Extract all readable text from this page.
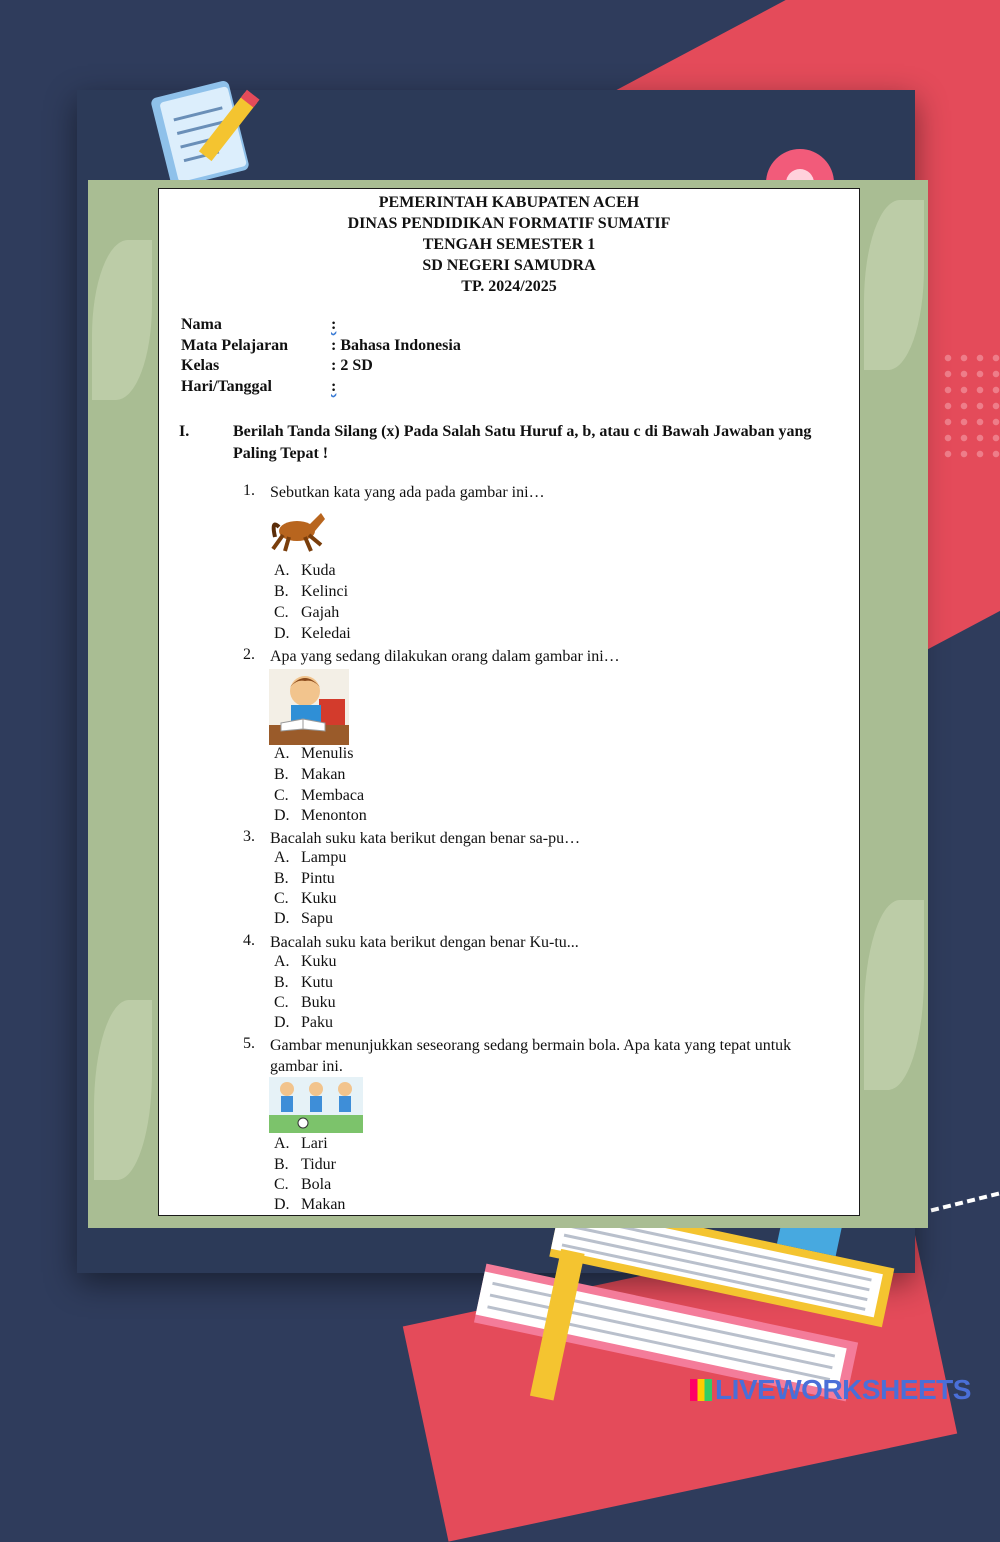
PEMERINTAH KABUPATEN ACEH
DINAS PENDIDIKAN FORMATIF SUMATIF
TENGAH SEMESTER 1
SD NEGERI SAMUDRA
TP. 2024/2025
Nama	:
Mata Pelajaran	: Bahasa Indonesia
Kelas	: 2 SD
Hari/Tanggal	:
I.	Berilah Tanda Silang (x) Pada Salah Satu Huruf a, b, atau c di Bawah Jawaban yang Paling Tepat !
1. Sebutkan kata yang ada pada gambar ini…
A. Kuda
B. Kelinci
C. Gajah
D. Keledai
2. Apa yang sedang dilakukan orang dalam gambar ini…
A. Menulis
B. Makan
C. Membaca
D. Menonton
3. Bacalah suku kata berikut dengan benar sa-pu…
A. Lampu
B. Pintu
C. Kuku
D. Sapu
4. Bacalah suku kata berikut dengan benar Ku-tu...
A. Kuku
B. Kutu
C. Buku
D. Paku
5. Gambar menunjukkan seseorang sedang bermain bola. Apa kata yang tepat untuk gambar ini.
A. Lari
B. Tidur
C. Bola
D. Makan
LIVEWORKSHEETS
